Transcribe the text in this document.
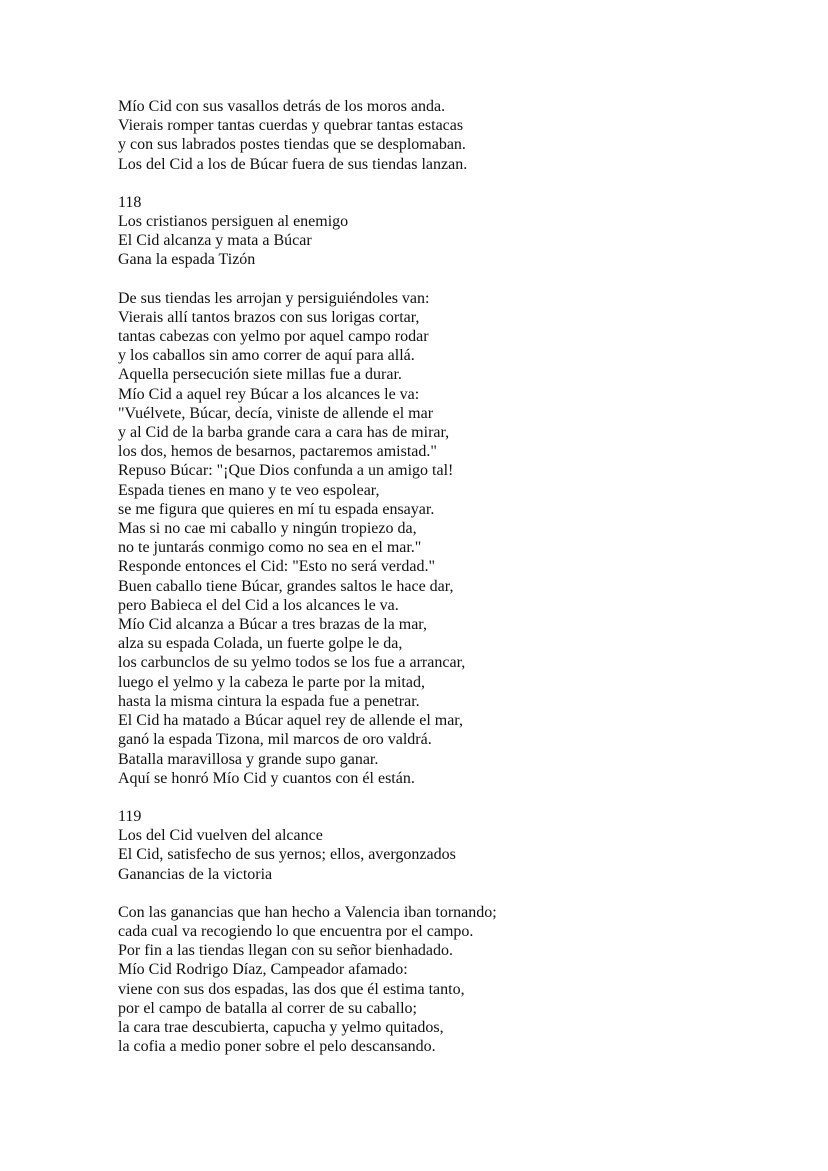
Mío Cid con sus vasallos detrás de los moros anda.
Vierais romper tantas cuerdas y quebrar tantas estacas
y con sus labrados postes tiendas que se desplomaban.
Los del Cid a los de Búcar fuera de sus tiendas lanzan.
118
Los cristianos persiguen al enemigo
El Cid alcanza y mata a Búcar
Gana la espada Tizón
De sus tiendas les arrojan y persiguiéndoles van:
Vierais allí tantos brazos con sus lorigas cortar,
tantas cabezas con yelmo por aquel campo rodar
y los caballos sin amo correr de aquí para allá.
Aquella persecución siete millas fue a durar.
Mío Cid a aquel rey Búcar a los alcances le va:
"Vuélvete, Búcar, decía, viniste de allende el mar
y al Cid de la barba grande cara a cara has de mirar,
los dos, hemos de besarnos, pactaremos amistad."
Repuso Búcar: "¡Que Dios confunda a un amigo tal!
Espada tienes en mano y te veo espolear,
se me figura que quieres en mí tu espada ensayar.
Mas si no cae mi caballo y ningún tropiezo da,
no te juntarás conmigo como no sea en el mar."
Responde entonces el Cid: "Esto no será verdad."
Buen caballo tiene Búcar, grandes saltos le hace dar,
pero Babieca el del Cid a los alcances le va.
Mío Cid alcanza a Búcar a tres brazas de la mar,
alza su espada Colada, un fuerte golpe le da,
los carbunclos de su yelmo todos se los fue a arrancar,
luego el yelmo y la cabeza le parte por la mitad,
hasta la misma cintura la espada fue a penetrar.
El Cid ha matado a Búcar aquel rey de allende el mar,
ganó la espada Tizona, mil marcos de oro valdrá.
Batalla maravillosa y grande supo ganar.
Aquí se honró Mío Cid y cuantos con él están.
119
Los del Cid vuelven del alcance
El Cid, satisfecho de sus yernos; ellos, avergonzados
Ganancias de la victoria
Con las ganancias que han hecho a Valencia iban tornando;
cada cual va recogiendo lo que encuentra por el campo.
Por fin a las tiendas llegan con su señor bienhadado.
Mío Cid Rodrigo Díaz, Campeador afamado:
viene con sus dos espadas, las dos que él estima tanto,
por el campo de batalla al correr de su caballo;
la cara trae descubierta, capucha y yelmo quitados,
la cofia a medio poner sobre el pelo descansando.
